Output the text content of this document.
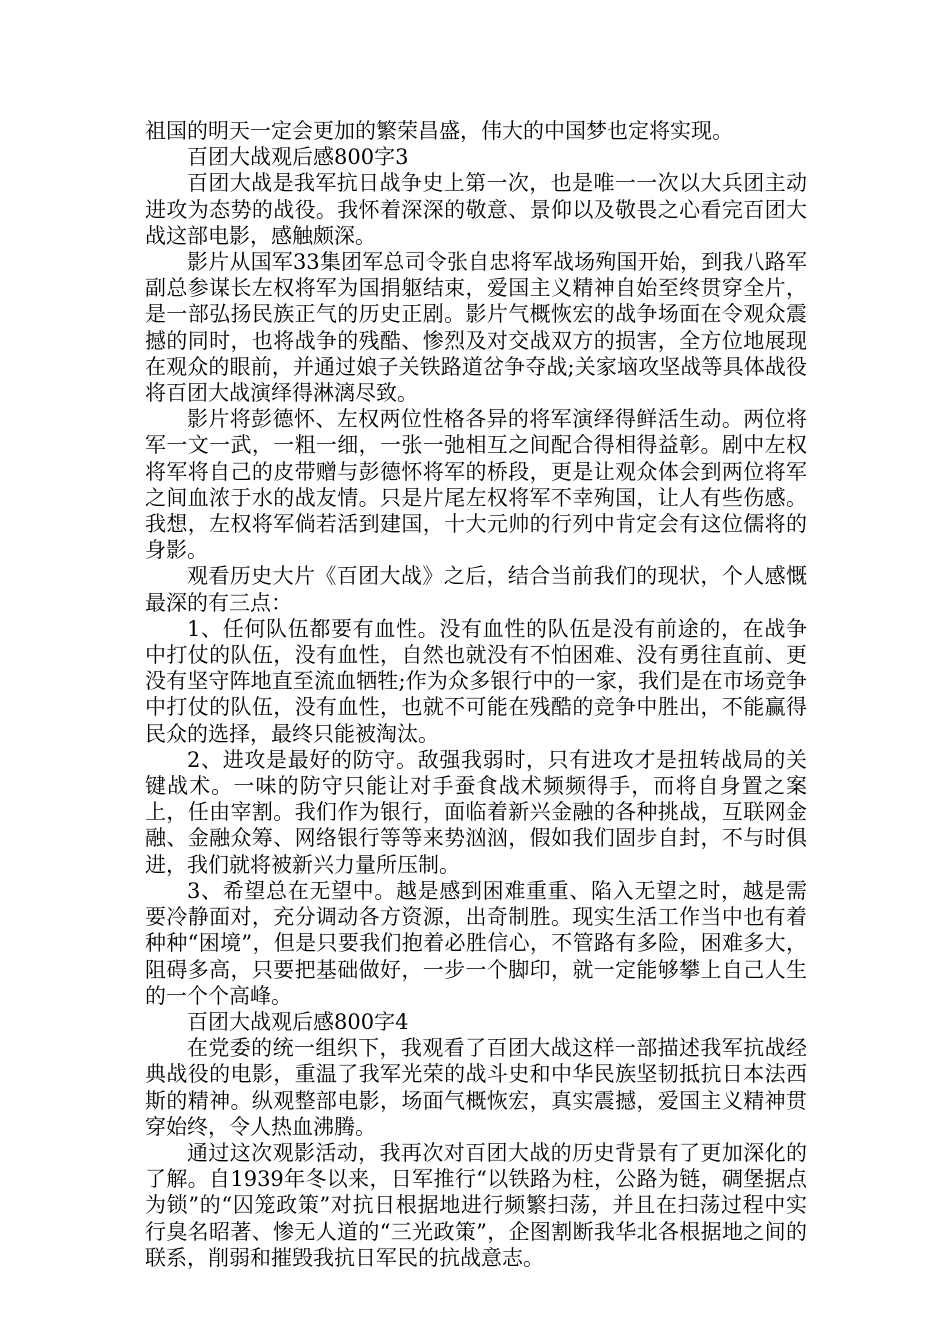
祖国的明天一定会更加的繁荣昌盛，伟大的中国梦也定将实现。

百团大战观后感800字3

百团大战是我军抗日战争史上第一次，也是唯一一次以大兵团主动进攻为态势的战役。我怀着深深的敬意、景仰以及敬畏之心看完百团大战这部电影，感触颇深。

影片从国军33集团军总司令张自忠将军战场殉国开始，到我八路军副总参谋长左权将军为国捐躯结束，爱国主义精神自始至终贯穿全片，是一部弘扬民族正气的历史正剧。影片气概恢宏的战争场面在令观众震撼的同时，也将战争的残酷、惨烈及对交战双方的损害，全方位地展现在观众的眼前，并通过娘子关铁路道岔争夺战;关家垴攻坚战等具体战役将百团大战演绎得淋漓尽致。

影片将彭德怀、左权两位性格各异的将军演绎得鲜活生动。两位将军一文一武，一粗一细，一张一弛相互之间配合得相得益彰。剧中左权将军将自己的皮带赠与彭德怀将军的桥段，更是让观众体会到两位将军之间血浓于水的战友情。只是片尾左权将军不幸殉国，让人有些伤感。我想，左权将军倘若活到建国，十大元帅的行列中肯定会有这位儒将的身影。

观看历史大片《百团大战》之后，结合当前我们的现状，个人感慨最深的有三点：

1、任何队伍都要有血性。没有血性的队伍是没有前途的，在战争中打仗的队伍，没有血性，自然也就没有不怕困难、没有勇往直前、更没有坚守阵地直至流血牺牲;作为众多银行中的一家，我们是在市场竞争中打仗的队伍，没有血性，也就不可能在残酷的竞争中胜出，不能赢得民众的选择，最终只能被淘汰。

2、进攻是最好的防守。敌强我弱时，只有进攻才是扭转战局的关键战术。一味的防守只能让对手蚕食战术频频得手，而将自身置之案上，任由宰割。我们作为银行，面临着新兴金融的各种挑战，互联网金融、金融众筹、网络银行等等来势汹汹，假如我们固步自封，不与时俱进，我们就将被新兴力量所压制。

3、希望总在无望中。越是感到困难重重、陷入无望之时，越是需要冷静面对，充分调动各方资源，出奇制胜。现实生活工作当中也有着种种“困境”，但是只要我们抱着必胜信心，不管路有多险，困难多大，阻碍多高，只要把基础做好，一步一个脚印，就一定能够攀上自己人生的一个个高峰。

百团大战观后感800字4

在党委的统一组织下，我观看了百团大战这样一部描述我军抗战经典战役的电影，重温了我军光荣的战斗史和中华民族坚韧抵抗日本法西斯的精神。纵观整部电影，场面气概恢宏，真实震撼，爱国主义精神贯穿始终，令人热血沸腾。

通过这次观影活动，我再次对百团大战的历史背景有了更加深化的了解。自1939年冬以来，日军推行“以铁路为柱，公路为链，碉堡据点为锁”的“囚笼政策”对抗日根据地进行频繁扫荡，并且在扫荡过程中实行臭名昭著、惨无人道的“三光政策”，企图割断我华北各根据地之间的联系，削弱和摧毁我抗日军民的抗战意志。
